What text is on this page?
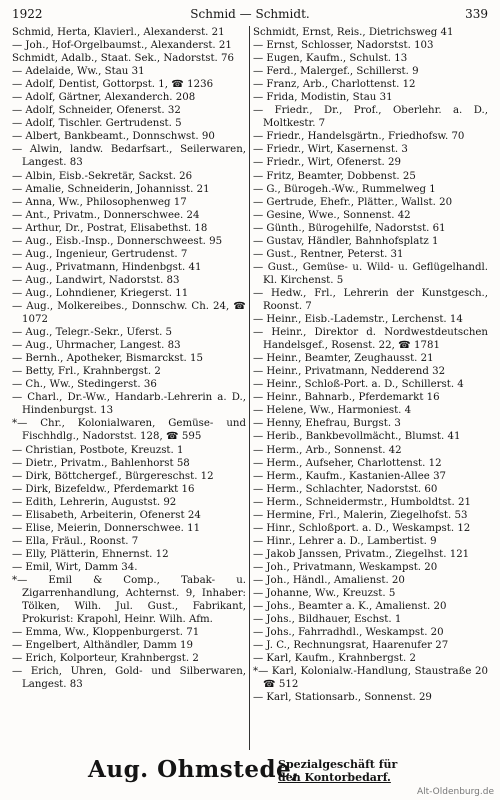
1922	Schmid — Schmidt.	339
Schmid, Herta, Klavierl., Alexanderst. 21
— Joh., Hof-Orgelbaumst., Alexanderst. 21
Schmidt, Adalb., Staat. Sek., Nadorstst. 76
— Adelaide, Ww., Stau 31
— Adolf, Dentist, Gottorpst. 1, ☎ 1236
— Adolf, Gärtner, Alexanderch. 208
— Adolf, Schneider, Ofenerst. 32
— Adolf, Tischler. Gertrudenst. 5
— Albert, Bankbeamt., Donnschwst. 90
— Alwin, landw. Bedarfsart., Seilerwaren, Langest. 83
— Albin, Eisb.-Sekretär, Sackst. 26
— Amalie, Schneiderin, Johannisst. 21
— Anna, Ww., Philosophenweg 17
— Ant., Privatm., Donnerschwee. 24
— Arthur, Dr., Postrat, Elisabethst. 18
— Aug., Eisb.-Insp., Donnerschweest. 95
— Aug., Ingenieur, Gertrudenst. 7
— Aug., Privatmann, Hindenbgst. 41
— Aug., Landwirt, Nadorstst. 83
— Aug., Lohndiener, Kriegerst. 11
— Aug., Molkereibes., Donnschw. Ch. 24, ☎ 1072
— Aug., Telegr.-Sekr., Uferst. 5
— Aug., Uhrmacher, Langest. 83
— Bernh., Apotheker, Bismarckst. 15
— Betty, Frl., Krahnbergst. 2
— Ch., Ww., Stedingerst. 36
— Charl., Dr.-Ww., Handarb.-Lehrerin a. D., Hindenburgst. 13
*— Chr., Kolonialwaren, Gemüse- und Fischhdlg., Nadorstst. 128, ☎ 595
— Christian, Postbote, Kreuzst. 1
— Dietr., Privatm., Bahlenhorst 58
— Dirk, Böttchergef., Bürgereschst. 12
— Dirk, Bizefeldw., Pferdemarkt 16
— Edith, Lehrerin, Augustst. 92
— Elisabeth, Arbeiterin, Ofenerst 24
— Elise, Meierin, Donnerschwee. 11
— Ella, Fräul., Roonst. 7
— Elly, Plätterin, Ehnernst. 12
— Emil, Wirt, Damm 34.
*— Emil & Comp., Tabak- u. Zigarrenhandlung, Achternst. 9, Inhaber: Tölken, Wilh. Jul. Gust., Fabrikant, Prokurist: Krapohl, Heinr. Wilh. Afm.
— Emma, Ww., Kloppenburgerst. 71
— Engelbert, Althändler, Damm 19
— Erich, Kolporteur, Krahnbergst. 2
— Erich, Uhren, Gold- und Silberwaren, Langest. 83
Schmidt, Ernst, Reis., Dietrichsweg 41
— Ernst, Schlosser, Nadorstst. 103
— Eugen, Kaufm., Schulst. 13
— Ferd., Malergef., Schillerst. 9
— Franz, Arb., Charlottenst. 12
— Frida, Modistin, Stau 31
— Friedr., Dr., Prof., Oberlehr. a. D., Moltkestr. 7
— Friedr., Handelsgärtn., Friedhofsw. 70
— Friedr., Wirt, Kasernenst. 3
— Friedr., Wirt, Ofenerst. 29
— Fritz, Beamter, Dobbenst. 25
— G., Bürogeh.-Ww., Rummelweg 1
— Gertrude, Ehefr., Plätter., Wallst. 20
— Gesine, Wwe., Sonnenst. 42
— Günth., Bürogehilfe, Nadorstst. 61
— Gustav, Händler, Bahnhofsplatz 1
— Gust., Rentner, Peterst. 31
— Gust., Gemüse- u. Wild- u. Geflügelhandl. Kl. Kirchenst. 5
— Hedw., Frl., Lehrerin der Kunstgesch., Roonst. 7
— Heinr., Eisb.-Lademstr., Lerchenst. 14
— Heinr., Direktor d. Nordwestdeutschen Handelsgef., Rosenst. 22, ☎ 1781
— Heinr., Beamter, Zeughausst. 21
— Heinr., Privatmann, Nedderend 32
— Heinr., Schloß-Port. a. D., Schillerst. 4
— Heinr., Bahnarb., Pferdemarkt 16
— Helene, Ww., Harmoniest. 4
— Henny, Ehefrau, Burgst. 3
— Herib., Bankbevollmächt., Blumst. 41
— Herm., Arb., Sonnenst. 42
— Herm., Aufseher, Charlottenst. 12
— Herm., Kaufm., Kastanien-Allee 37
— Herm., Schlachter, Nadorstst. 60
— Herm., Schneidermstr., Humboldtst. 21
— Hermine, Frl., Malerin, Ziegelhofst. 53
— Hinr., Schloßport. a. D., Weskampst. 12
— Hinr., Lehrer a. D., Lambertist. 9
— Jakob Janssen, Privatm., Ziegelhst. 121
— Joh., Privatmann, Weskampst. 20
— Joh., Händl., Amalienst. 20
— Johanne, Ww., Kreuzst. 5
— Johs., Beamter a. K., Amalienst. 20
— Johs., Bildhauer, Eschst. 1
— Johs., Fahrradhdl., Weskampst. 20
— J. C., Rechnungsrat, Haarenufer 27
— Karl, Kaufm., Krahnbergst. 2
*— Karl, Kolonialw.-Handlung, Staustraße 20 ☎ 512
— Karl, Stationsarb., Sonnenst. 29
Aug. Ohmstede,
Spezialgeschäft für
den Kontorbedarf.
Alt-Oldenburg.de
